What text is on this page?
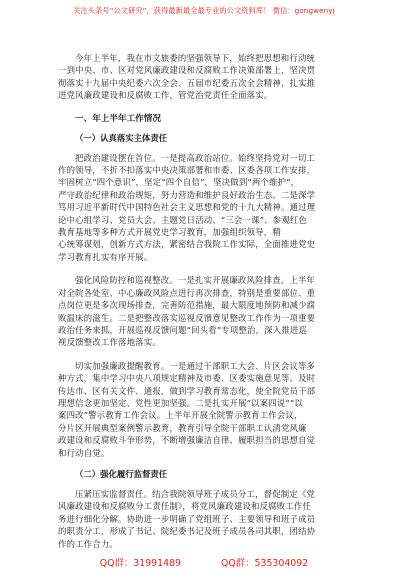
关注头条号“公文研究”，获得最新最全最专业的公文资料库！ 微信：gongwenyj
今年上半年，我在市文旅委的坚强领导下，始终把思想和行动统
一到中央、市、区对党风廉政建设和反腐败工作决策部署上，坚决贯
彻落实十九届中央纪委六次全会、五届市纪委五次全会精神，扎实推
进党风廉政建设和反腐败工作，管党治党责任全面落实。
一、年上半年工作情况
（一）认真落实主体责任
把政治建设摆在首位。一是提高政治站位。始终坚持党对一切工
作的领导，不折不扣落实中央决策部署和市委、区委各项工作安排，
牢固树立“四个意识”，坚定“四个自信”，坚决做到“两个维护”，
严守政治纪律和政治规矩，努力营造和维护良好政治生态。二是深学
笃用习近平新时代中国特色社会主义思想和党的十九大精神。通过理
论中心组学习、党员大会、主题党日活动、“三会一课”、参观红色
教育基地等多种方式开展党史学习教育，加强组织领导，精
心统筹谋划，创新方式方法，紧密结合我院工作实际，全面推进党史
学习教育扎实有序开展。
强化风险防控和巡视整改。一是扎实开展廉政风险排查。上半年
对全院各处室、中心廉政风险点进行再次排查，特别是重要部位、重
点岗位更是多次现场排查，完善防范措施，最大限度地预防和减少腐
败温床的滋生。二是把整改落实巡视反馈意见整改工作作为一项重要
政治任务来抓，开展巡视反馈问题“回头看”专项整治，深入推进巡
视反馈整改工作落地落实。
切实加强廉政提醒教育。一是通过干部职工大会、片区会议等多
种方式，集中学习中央八项规定精神及市委、区委实施意见等。及时
传达市、区有关文件、通报，做到学习教育常态化，使全院党员干部
理想信念更加坚定、党性更加坚强。二是扎实开展“以案四说”“以
案四改”警示教育工作会议。上半年开展全院警示教育工作会议，
分片区开展典型案例警示教育，教育引导全院干部职工认清党风廉
政建设和反腐败斗争形势，不断增强廉洁自律、履职担当的思想自觉
和行动自觉。
（二）强化履行监督责任
压紧压实监督责任。结合我院领导班子成员分工，督促制定《党
风廉政建设和反腐败分工责任制》，将党风廉政建设和反腐败工作任
务进行细化分解。协助进一步明确了党组班子、主要领导和班子成员
的职责分工，形成了书记、院纪委书记及班子成员各司其职，团结协
作的工作合力。
QQ群：31991489	QQ群：535304092
